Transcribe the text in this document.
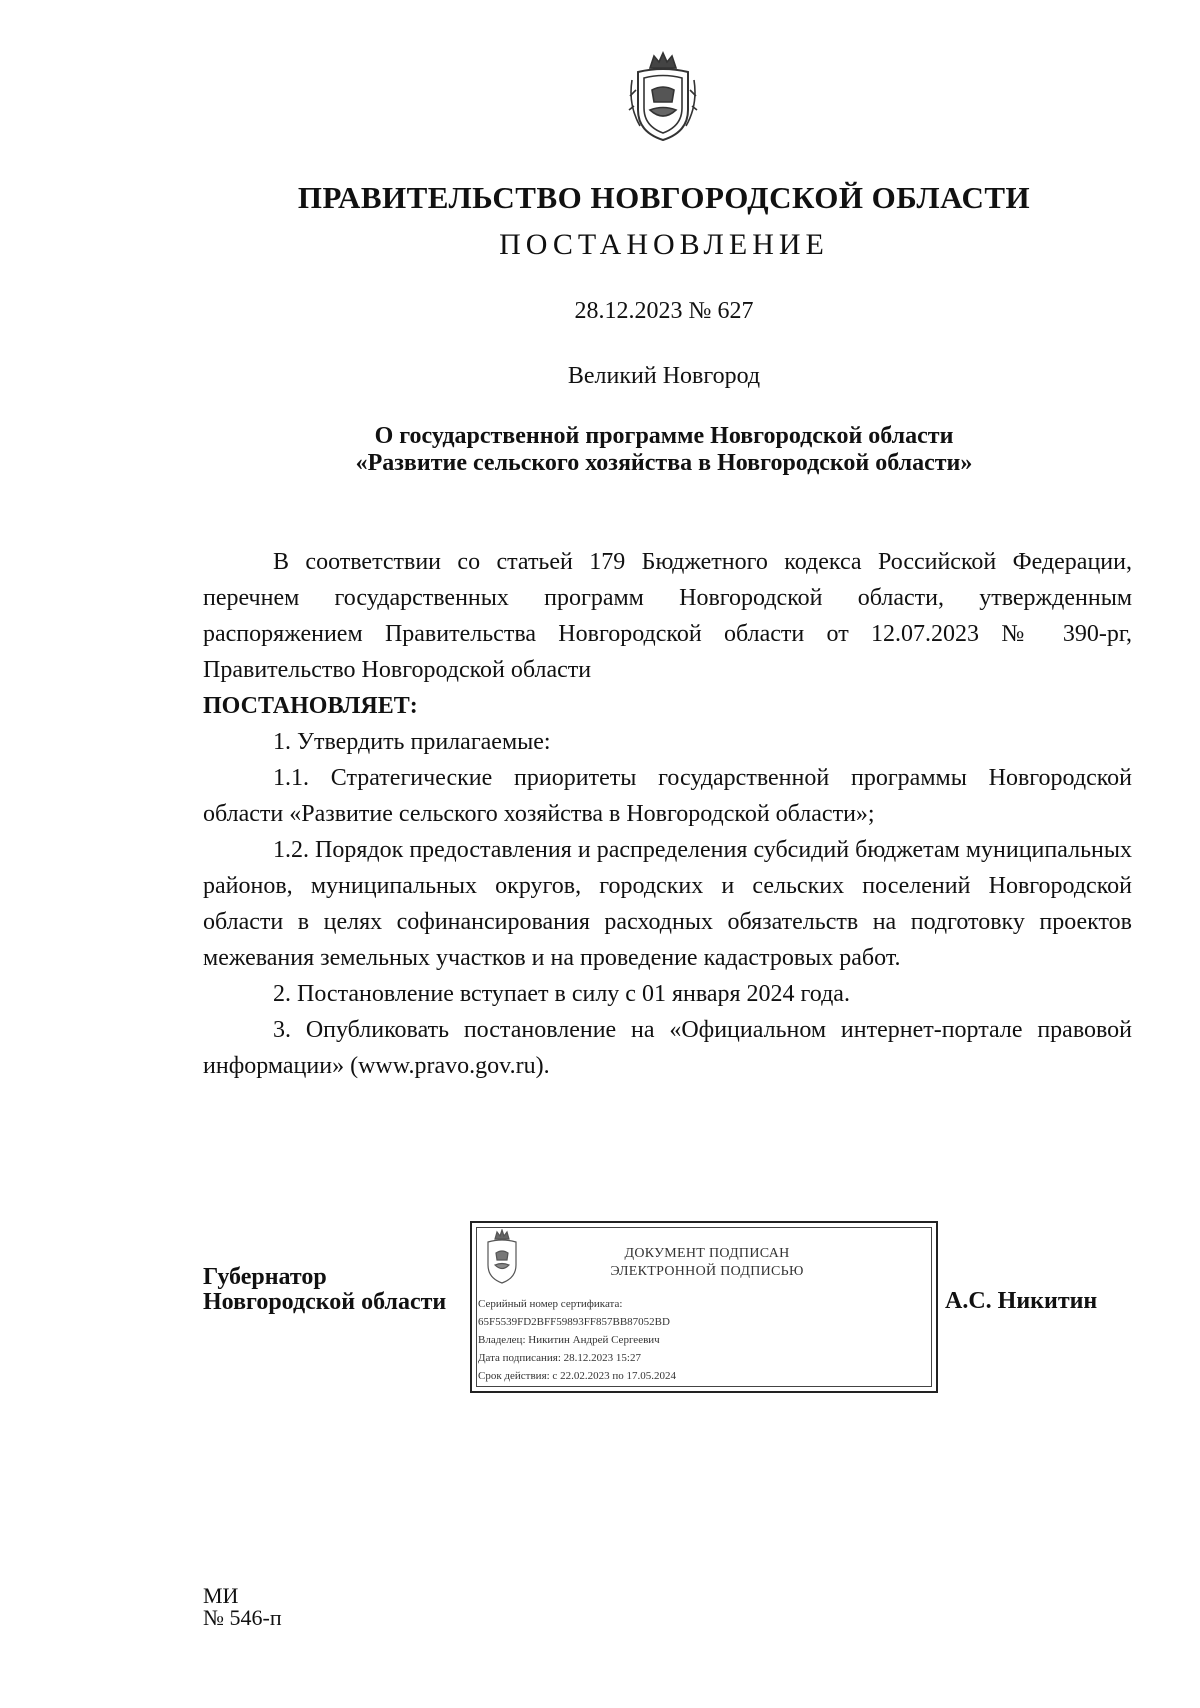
ПРАВИТЕЛЬСТВО НОВГОРОДСКОЙ ОБЛАСТИ
ПОСТАНОВЛЕНИЕ
28.12.2023 № 627
Великий Новгород
О государственной программе Новгородской области
«Развитие сельского хозяйства в Новгородской области»

В соответствии со статьей 179 Бюджетного кодекса Российской Федерации, перечнем государственных программ Новгородской области, утвержденным распоряжением Правительства Новгородской области от 12.07.2023 № 390-рг, Правительство Новгородской области

ПОСТАНОВЛЯЕТ:

1. Утвердить прилагаемые:

1.1. Стратегические приоритеты государственной программы Новгородской области «Развитие сельского хозяйства в Новгородской области»;

1.2. Порядок предоставления и распределения субсидий бюджетам муниципальных районов, муниципальных округов, городских и сельских поселений Новгородской области в целях софинансирования расходных обязательств на подготовку проектов межевания земельных участков и на проведение кадастровых работ.

2. Постановление вступает в силу с 01 января 2024 года.

3. Опубликовать постановление на «Официальном интернет-портале правовой информации» (www.pravo.gov.ru).

Губернатор
Новгородской области
ДОКУМЕНТ ПОДПИСАН
ЭЛЕКТРОННОЙ ПОДПИСЬЮ
Серийный номер сертификата:
65F5539FD2BFF59893FF857BB87052BD
Владелец: Никитин Андрей Сергеевич
Дата подписания: 28.12.2023 15:27
Срок действия: с 22.02.2023 по 17.05.2024
А.С. Никитин
МИ
№ 546-п
